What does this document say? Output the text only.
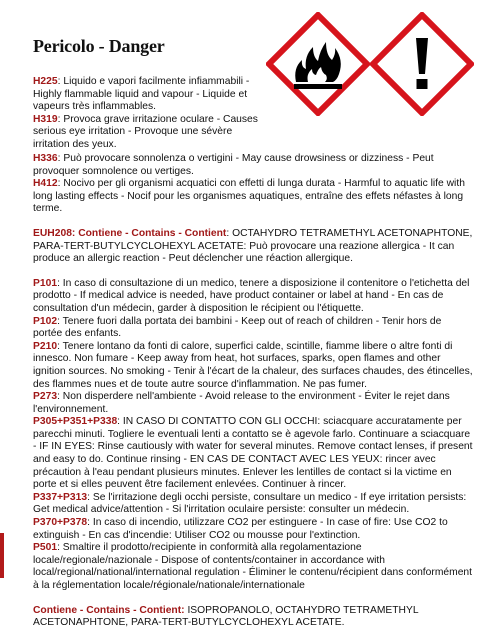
Pericolo - Danger

H225: Liquido e vapori facilmente infiammabili - Highly flammable liquid and vapour - Liquide et vapeurs très inflammables.

H319: Provoca grave irritazione oculare - Causes serious eye irritation - Provoque une sévère irritation des yeux.

H336: Può provocare sonnolenza o vertigini - May cause drowsiness or dizziness - Peut provoquer somnolence ou vertiges.

H412: Nocivo per gli organismi acquatici con effetti di lunga durata - Harmful to aquatic life with long lasting effects - Nocif pour les organismes aquatiques, entraîne des effets néfastes à long terme.

EUH208: Contiene - Contains - Contient: OCTAHYDRO TETRAMETHYL ACETONAPHTONE, PARA-TERT-BUTYLCYCLOHEXYL ACETATE: Può provocare una reazione allergica - It can produce an allergic reaction - Peut déclencher une réaction allergique.

P101: In caso di consultazione di un medico, tenere a disposizione il contenitore o l'etichetta del prodotto - If medical advice is needed, have product container or label at hand - En cas de consultation d'un médecin, garder à disposition le récipient ou l'étiquette.

P102: Tenere fuori dalla portata dei bambini - Keep out of reach of children - Tenir hors de portée des enfants.

P210: Tenere lontano da fonti di calore, superfici calde, scintille, fiamme libere o altre fonti di innesco. Non fumare - Keep away from heat, hot surfaces, sparks, open flames and other ignition sources. No smoking - Tenir à l'écart de la chaleur, des surfaces chaudes, des étincelles, des flammes nues et de toute autre source d'inflammation. Ne pas fumer.

P273: Non disperdere nell'ambiente - Avoid release to the environment - Éviter le rejet dans l'environnement.

P305+P351+P338: IN CASO DI CONTATTO CON GLI OCCHI: sciacquare accuratamente per parecchi minuti. Togliere le eventuali lenti a contatto se è agevole farlo. Continuare a sciacquare - IF IN EYES: Rinse cautiously with water for several minutes. Remove contact lenses, if present and easy to do. Continue rinsing - EN CAS DE CONTACT AVEC LES YEUX: rincer avec précaution à l'eau pendant plusieurs minutes. Enlever les lentilles de contact si la victime en porte et si elles peuvent être facilement enlevées. Continuer à rincer.

P337+P313: Se l'irritazione degli occhi persiste, consultare un medico - If eye irritation persists: Get medical advice/attention - Si l'irritation oculaire persiste: consulter un médecin.

P370+P378: In caso di incendio, utilizzare CO2 per estinguere - In case of fire: Use CO2 to extinguish - En cas d'incendie: Utiliser CO2 ou mousse pour l'extinction.

P501: Smaltire il prodotto/recipiente in conformità alla regolamentazione locale/regionale/nazionale - Dispose of contents/container in accordance with local/regional/national/international regulation - Éliminer le contenu/récipient dans conformément à la réglementation locale/régionale/nationale/internationale

Contiene - Contains - Contient: ISOPROPANOLO, OCTAHYDRO TETRAMETHYL ACETONAPHTONE, PARA-TERT-BUTYLCYCLOHEXYL ACETATE.
